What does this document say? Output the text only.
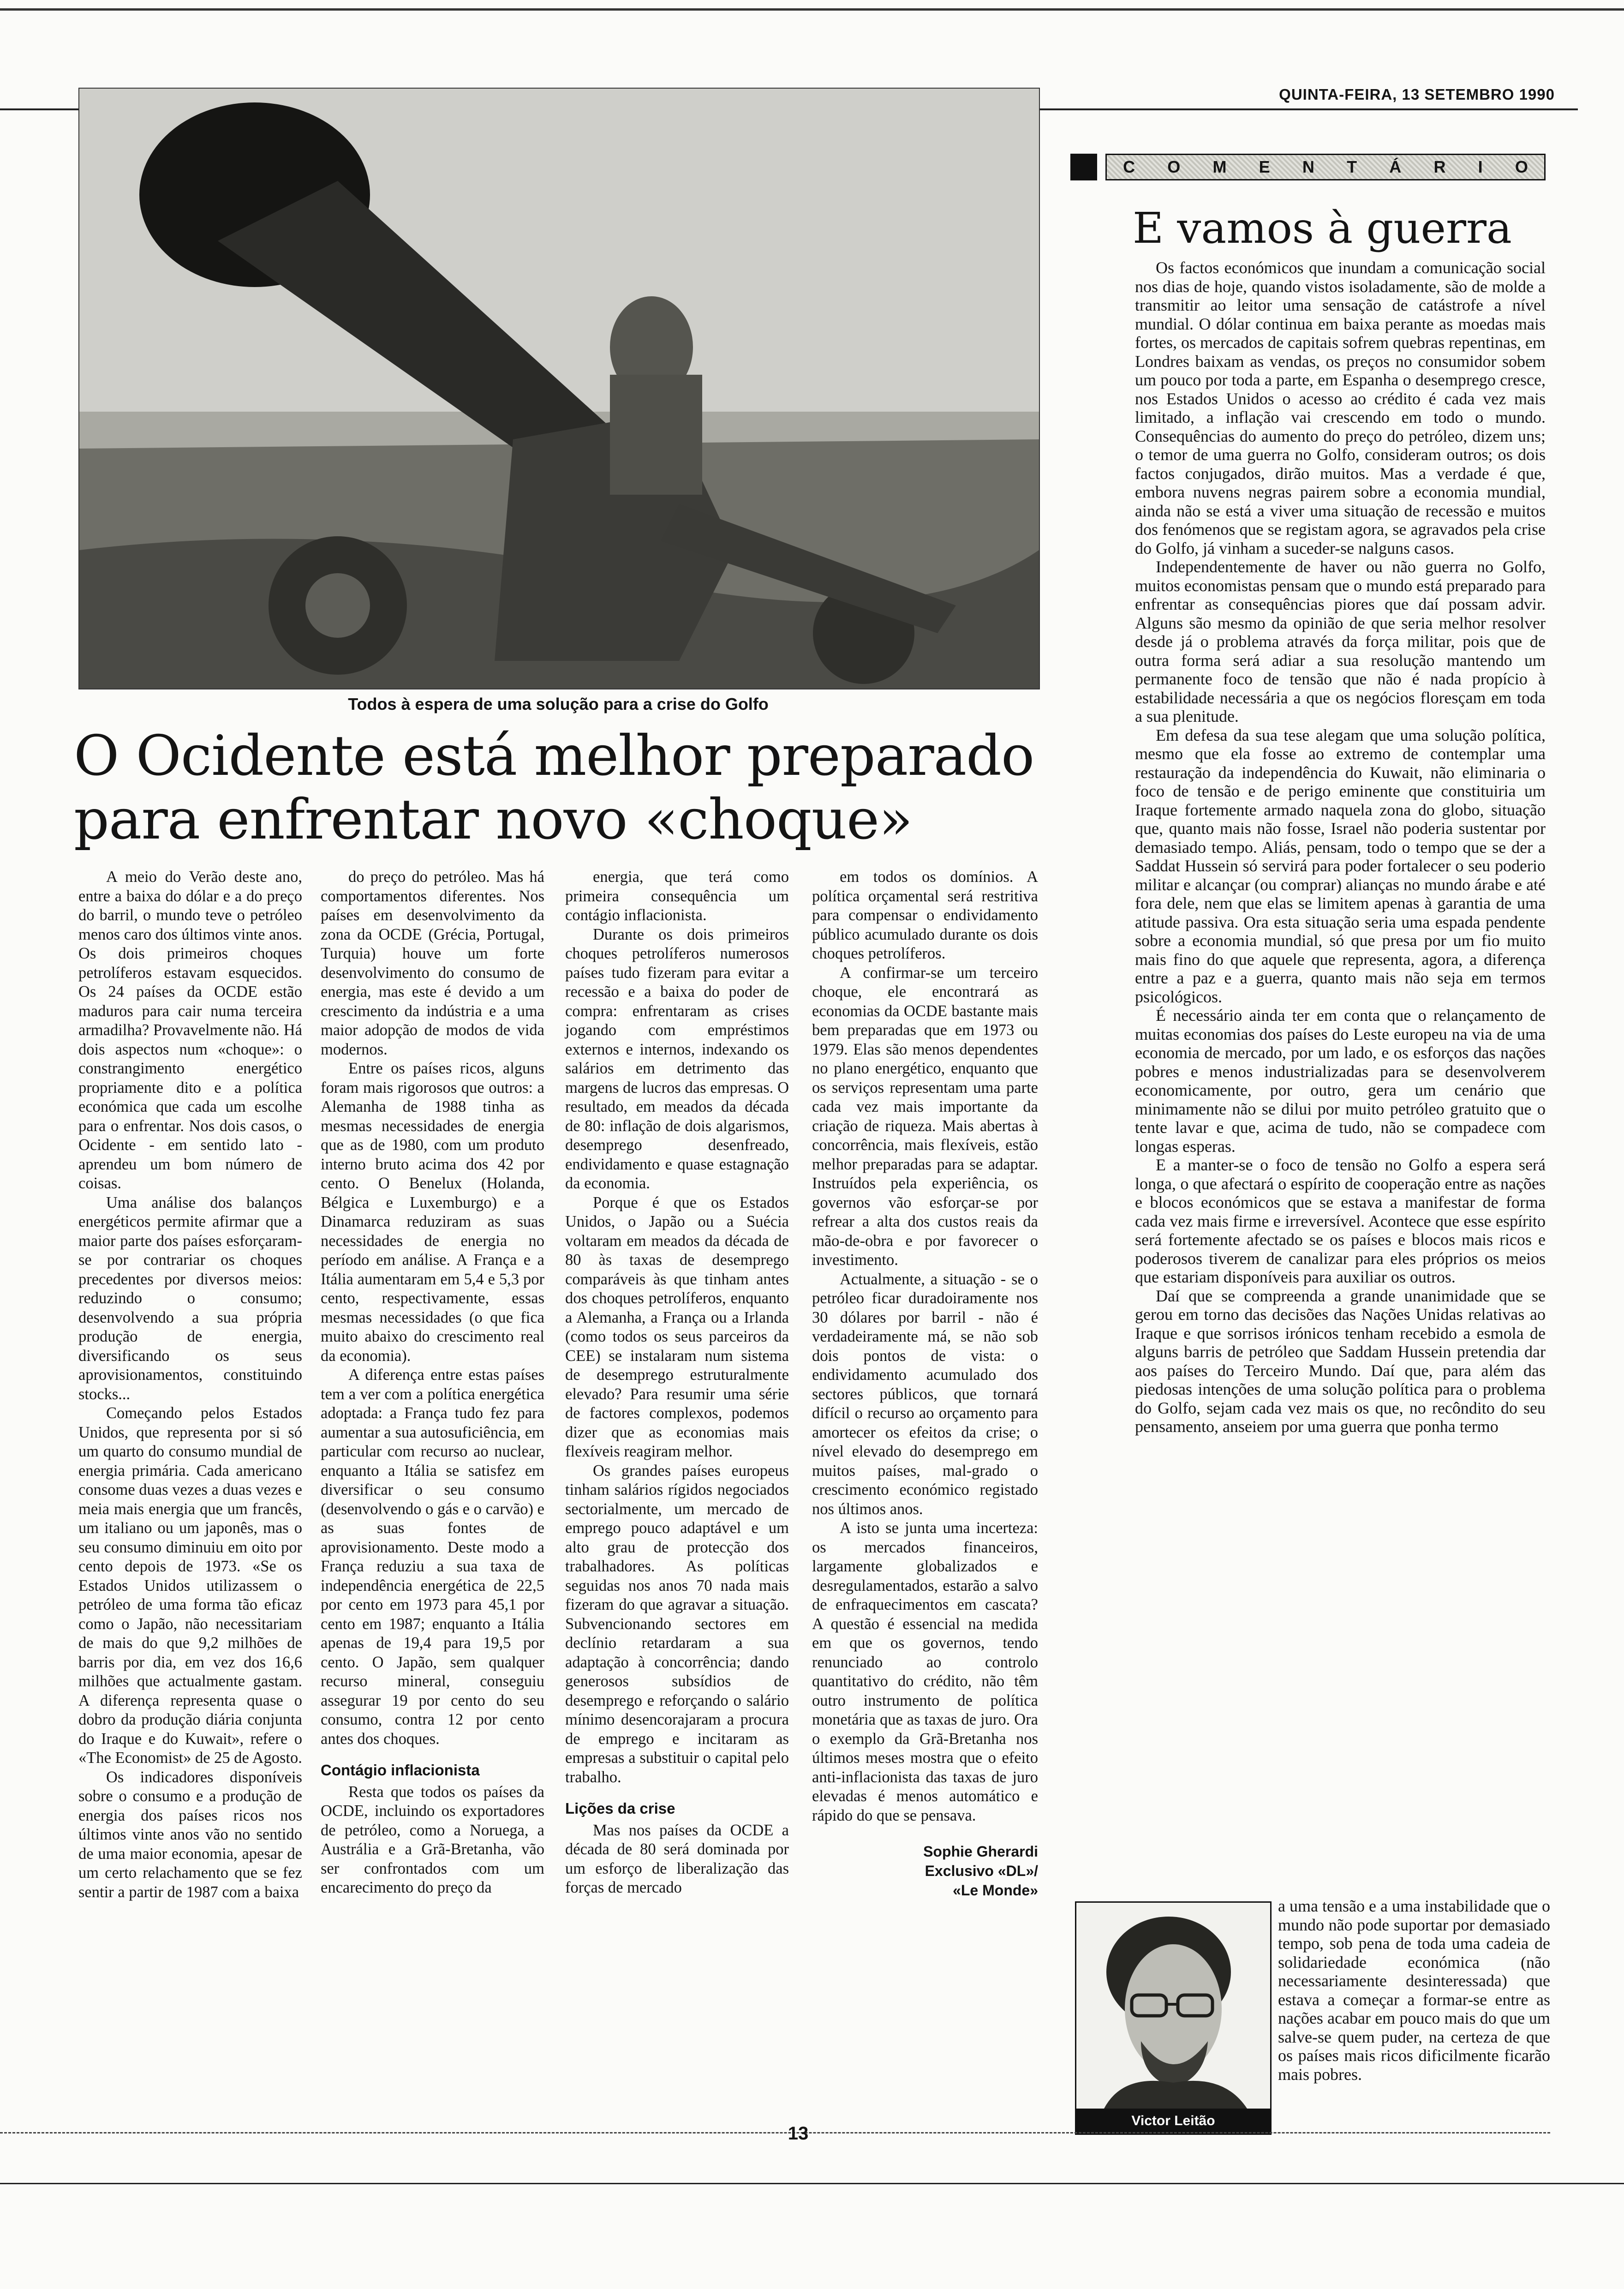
QUINTA-FEIRA, 13 SETEMBRO 1990
Todos à espera de uma solução para a crise do Golfo
O Ocidente está melhor preparado
para enfrentar novo «choque»

A meio do Verão deste ano, entre a baixa do dólar e a do preço do barril, o mundo teve o petróleo menos caro dos últimos vinte anos. Os dois primeiros choques petrolíferos estavam esquecidos. Os 24 países da OCDE estão maduros para cair numa terceira armadilha? Provavelmente não. Há dois aspectos num «choque»: o constrangimento energético propriamente dito e a política económica que cada um escolhe para o enfrentar. Nos dois casos, o Ocidente - em sentido lato - aprendeu um bom número de coisas.

Uma análise dos balanços energéticos permite afirmar que a maior parte dos países esforçaram-se por contrariar os choques precedentes por diversos meios: reduzindo o consumo; desenvolvendo a sua própria produção de energia, diversificando os seus aprovisionamentos, constituindo stocks...

Começando pelos Estados Unidos, que representa por si só um quarto do consumo mundial de energia primária. Cada americano consome duas vezes a duas vezes e meia mais energia que um francês, um italiano ou um japonês, mas o seu consumo diminuiu em oito por cento depois de 1973. «Se os Estados Unidos utilizassem o petróleo de uma forma tão eficaz como o Japão, não necessitariam de mais do que 9,2 milhões de barris por dia, em vez dos 16,6 milhões que actualmente gastam. A diferença representa quase o dobro da produção diária conjunta do Iraque e do Kuwait», refere o «The Economist» de 25 de Agosto.

Os indicadores disponíveis sobre o consumo e a produção de energia dos países ricos nos últimos vinte anos vão no sentido de uma maior economia, apesar de um certo relachamento que se fez sentir a partir de 1987 com a baixa

do preço do petróleo. Mas há comportamentos diferentes. Nos países em desenvolvimento da zona da OCDE (Grécia, Portugal, Turquia) houve um forte desenvolvimento do consumo de energia, mas este é devido a um crescimento da indústria e a uma maior adopção de modos de vida modernos.

Entre os países ricos, alguns foram mais rigorosos que outros: a Alemanha de 1988 tinha as mesmas necessidades de energia que as de 1980, com um produto interno bruto acima dos 42 por cento. O Benelux (Holanda, Bélgica e Luxemburgo) e a Dinamarca reduziram as suas necessidades de energia no período em análise. A França e a Itália aumentaram em 5,4 e 5,3 por cento, respectivamente, essas mesmas necessidades (o que fica muito abaixo do crescimento real da economia).

A diferença entre estas países tem a ver com a política energética adoptada: a França tudo fez para aumentar a sua autosuficiência, em particular com recurso ao nuclear, enquanto a Itália se satisfez em diversificar o seu consumo (desenvolvendo o gás e o carvão) e as suas fontes de aprovisionamento. Deste modo a França reduziu a sua taxa de independência energética de 22,5 por cento em 1973 para 45,1 por cento em 1987; enquanto a Itália apenas de 19,4 para 19,5 por cento. O Japão, sem qualquer recurso mineral, conseguiu assegurar 19 por cento do seu consumo, contra 12 por cento antes dos choques.

Contágio inflacionista

Resta que todos os países da OCDE, incluindo os exportadores de petróleo, como a Noruega, a Austrália e a Grã-Bretanha, vão ser confrontados com um encarecimento do preço da

energia, que terá como primeira consequência um contágio inflacionista.

Durante os dois primeiros choques petrolíferos numerosos países tudo fizeram para evitar a recessão e a baixa do poder de compra: enfrentaram as crises jogando com empréstimos externos e internos, indexando os salários em detrimento das margens de lucros das empresas. O resultado, em meados da década de 80: inflação de dois algarismos, desemprego desenfreado, endividamento e quase estagnação da economia.

Porque é que os Estados Unidos, o Japão ou a Suécia voltaram em meados da década de 80 às taxas de desemprego comparáveis às que tinham antes dos choques petrolíferos, enquanto a Alemanha, a França ou a Irlanda (como todos os seus parceiros da CEE) se instalaram num sistema de desemprego estruturalmente elevado? Para resumir uma série de factores complexos, podemos dizer que as economias mais flexíveis reagiram melhor.

Os grandes países europeus tinham salários rígidos negociados sectorialmente, um mercado de emprego pouco adaptável e um alto grau de protecção dos trabalhadores. As políticas seguidas nos anos 70 nada mais fizeram do que agravar a situação. Subvencionando sectores em declínio retardaram a sua adaptação à concorrência; dando generosos subsídios de desemprego e reforçando o salário mínimo desencorajaram a procura de emprego e incitaram as empresas a substituir o capital pelo trabalho.

Lições da crise

Mas nos países da OCDE a década de 80 será dominada por um esforço de liberalização das forças de mercado

em todos os domínios. A política orçamental será restritiva para compensar o endividamento público acumulado durante os dois choques petrolíferos.

A confirmar-se um terceiro choque, ele encontrará as economias da OCDE bastante mais bem preparadas que em 1973 ou 1979. Elas são menos dependentes no plano energético, enquanto que os serviços representam uma parte cada vez mais importante da criação de riqueza. Mais abertas à concorrência, mais flexíveis, estão melhor preparadas para se adaptar. Instruídos pela experiência, os governos vão esforçar-se por refrear a alta dos custos reais da mão-de-obra e por favorecer o investimento.

Actualmente, a situação - se o petróleo ficar duradoiramente nos 30 dólares por barril - não é verdadeiramente má, se não sob dois pontos de vista: o endividamento acumulado dos sectores públicos, que tornará difícil o recurso ao orçamento para amortecer os efeitos da crise; o nível elevado do desemprego em muitos países, mal-grado o crescimento económico registado nos últimos anos.

A isto se junta uma incerteza: os mercados financeiros, largamente globalizados e desregulamentados, estarão a salvo de enfraquecimentos em cascata? A questão é essencial na medida em que os governos, tendo renunciado ao controlo quantitativo do crédito, não têm outro instrumento de política monetária que as taxas de juro. Ora o exemplo da Grã-Bretanha nos últimos meses mostra que o efeito anti-inflacionista das taxas de juro elevadas é menos automático e rápido do que se pensava.

Sophie Gherardi
Exclusivo «DL»/
«Le Monde»
C O M E N T Á R I O
E vamos à guerra

Os factos económicos que inundam a comunicação social nos dias de hoje, quando vistos isoladamente, são de molde a transmitir ao leitor uma sensação de catástrofe a nível mundial. O dólar continua em baixa perante as moedas mais fortes, os mercados de capitais sofrem quebras repentinas, em Londres baixam as vendas, os preços no consumidor sobem um pouco por toda a parte, em Espanha o desemprego cresce, nos Estados Unidos o acesso ao crédito é cada vez mais limitado, a inflação vai crescendo em todo o mundo. Consequências do aumento do preço do petróleo, dizem uns; o temor de uma guerra no Golfo, consideram outros; os dois factos conjugados, dirão muitos. Mas a verdade é que, embora nuvens negras pairem sobre a economia mundial, ainda não se está a viver uma situação de recessão e muitos dos fenómenos que se registam agora, se agravados pela crise do Golfo, já vinham a suceder-se nalguns casos.

Independentemente de haver ou não guerra no Golfo, muitos economistas pensam que o mundo está preparado para enfrentar as consequências piores que daí possam advir. Alguns são mesmo da opinião de que seria melhor resolver desde já o problema através da força militar, pois que de outra forma será adiar a sua resolução mantendo um permanente foco de tensão que não é nada propício à estabilidade necessária a que os negócios floresçam em toda a sua plenitude.

Em defesa da sua tese alegam que uma solução política, mesmo que ela fosse ao extremo de contemplar uma restauração da independência do Kuwait, não eliminaria o foco de tensão e de perigo eminente que constituiria um Iraque fortemente armado naquela zona do globo, situação que, quanto mais não fosse, Israel não poderia sustentar por demasiado tempo. Aliás, pensam, todo o tempo que se der a Saddat Hussein só servirá para poder fortalecer o seu poderio militar e alcançar (ou comprar) alianças no mundo árabe e até fora dele, nem que elas se limitem apenas à garantia de uma atitude passiva. Ora esta situação seria uma espada pendente sobre a economia mundial, só que presa por um fio muito mais fino do que aquele que representa, agora, a diferença entre a paz e a guerra, quanto mais não seja em termos psicológicos.

É necessário ainda ter em conta que o relançamento de muitas economias dos países do Leste europeu na via de uma economia de mercado, por um lado, e os esforços das nações pobres e menos industrializadas para se desenvolverem economicamente, por outro, gera um cenário que minimamente não se dilui por muito petróleo gratuito que o tente lavar e que, acima de tudo, não se compadece com longas esperas.

E a manter-se o foco de tensão no Golfo a espera será longa, o que afectará o espírito de cooperação entre as nações e blocos económicos que se estava a manifestar de forma cada vez mais firme e irreversível. Acontece que esse espírito será fortemente afectado se os países e blocos mais ricos e poderosos tiverem de canalizar para eles próprios os meios que estariam disponíveis para auxiliar os outros.

Daí que se compreenda a grande unanimidade que se gerou em torno das decisões das Nações Unidas relativas ao Iraque e que sorrisos irónicos tenham recebido a esmola de alguns barris de petróleo que Saddam Hussein pretendia dar aos países do Terceiro Mundo. Daí que, para além das piedosas intenções de uma solução política para o problema do Golfo, sejam cada vez mais os que, no recôndito do seu pensamento, anseiem por uma guerra que ponha termo

Victor Leitão
a uma tensão e a uma instabilidade que o mundo não pode suportar por demasiado tempo, sob pena de toda uma cadeia de solidariedade económica (não necessariamente desinteressada) que estava a começar a formar-se entre as nações acabar em pouco mais do que um salve-se quem puder, na certeza de que os países mais ricos dificilmente ficarão mais pobres.
13
